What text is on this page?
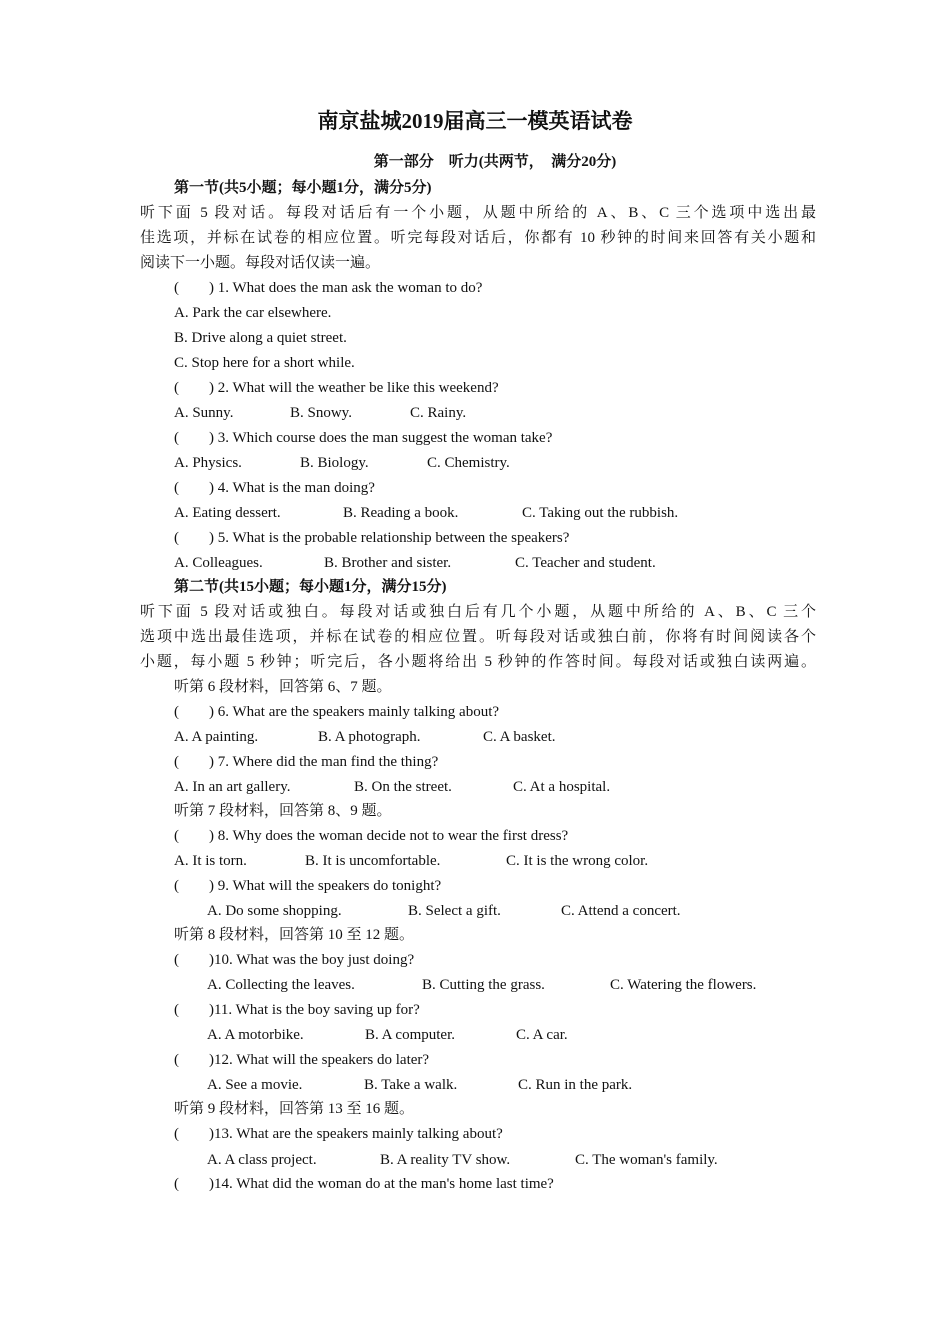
南京盐城2019届高三一模英语试卷
第一部分　听力(共两节，　满分20分)
第一节(共5小题；每小题1分，满分5分)
听下面 5 段对话。每段对话后有一个小题，从题中所给的 A、B、C 三个选项中选出最
佳选项，并标在试卷的相应位置。听完每段对话后，你都有 10 秒钟的时间来回答有关小题和
阅读下一小题。每段对话仅读一遍。
(　　) 1. What does the man ask the woman to do?
A. Park the car elsewhere.
B. Drive along a quiet street.
C. Stop here for a short while.
(　　) 2. What will the weather be like this weekend?
A. Sunny.	B. Snowy.	C. Rainy.
(　　) 3. Which course does the man suggest the woman take?
A. Physics.	B. Biology.	C. Chemistry.
(　　) 4. What is the man doing?
A. Eating dessert.	B. Reading a book.	C. Taking out the rubbish.
(　　) 5. What is the probable relationship between the speakers?
A. Colleagues.	B. Brother and sister.	C. Teacher and student.
第二节(共15小题；每小题1分，满分15分)
听下面 5 段对话或独白。每段对话或独白后有几个小题，从题中所给的 A、B、C 三个
选项中选出最佳选项，并标在试卷的相应位置。听每段对话或独白前，你将有时间阅读各个
小题，每小题 5 秒钟；听完后，各小题将给出 5 秒钟的作答时间。每段对话或独白读两遍。
听第 6 段材料，回答第 6、7 题。
(　　) 6. What are the speakers mainly talking about?
A. A painting.	B. A photograph.	C. A basket.
(　　) 7. Where did the man find the thing?
A. In an art gallery.	B. On the street.	C. At a hospital.
听第 7 段材料，回答第 8、9 题。
(　　) 8. Why does the woman decide not to wear the first dress?
A. It is torn.	B. It is uncomfortable.	C. It is the wrong color.
(　　) 9. What will the speakers do tonight?
A. Do some shopping.	B. Select a gift.	C. Attend a concert.
听第 8 段材料，回答第 10 至 12 题。
(　　)10. What was the boy just doing?
A. Collecting the leaves.	B. Cutting the grass.	C. Watering the flowers.
(　　)11. What is the boy saving up for?
A. A motorbike.	B. A computer.	C. A car.
(　　)12. What will the speakers do later?
A. See a movie.	B. Take a walk.	C. Run in the park.
听第 9 段材料，回答第 13 至 16 题。
(　　)13. What are the speakers mainly talking about?
A. A class project.	B. A reality TV show.	C. The woman's family.
(　　)14. What did the woman do at the man's home last time?
